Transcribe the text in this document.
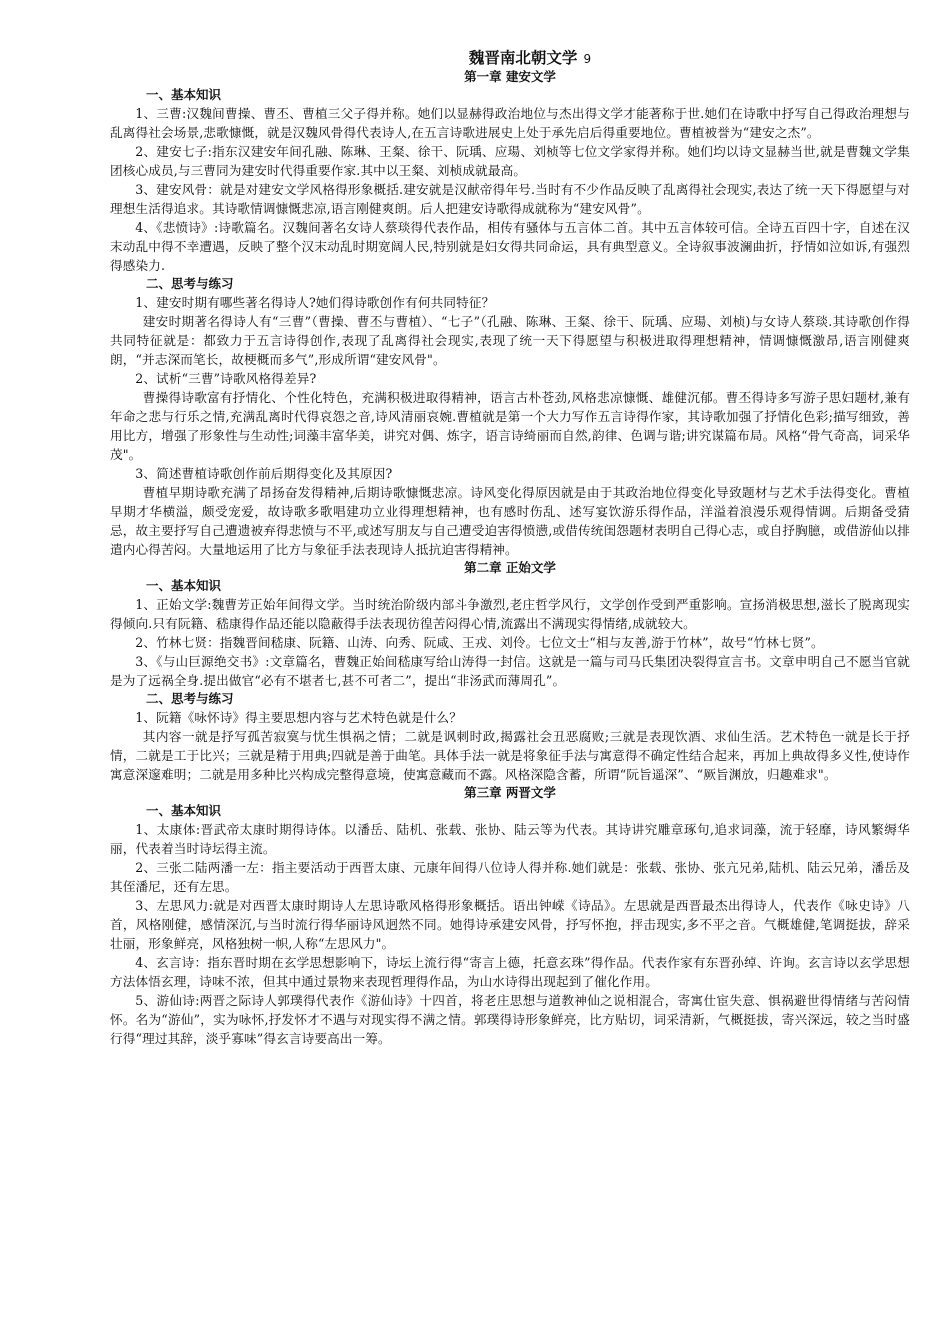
魏晋南北朝文学 9
第一章 建安文学
一、基本知识
1、三曹:汉魏间曹操、曹丕、曹植三父子得并称。她们以显赫得政治地位与杰出得文学才能著称于世.她们在诗歌中抒写自己得政治理想与乱离得社会场景,悲歌慷慨，就是汉魏风骨得代表诗人,在五言诗歌进展史上处于承先启后得重要地位。曹植被誉为“建安之杰”。
2、建安七子:指东汉建安年间孔融、陈琳、王粲、徐干、阮瑀、应瑒、刘桢等七位文学家得并称。她们均以诗文显赫当世,就是曹魏文学集团核心成员,与三曹同为建安时代得重要作家.其中以王粲、刘桢成就最高。
3、建安风骨：就是对建安文学风格得形象概括.建安就是汉献帝得年号.当时有不少作品反映了乱离得社会现实,表达了统一天下得愿望与对理想生活得追求。其诗歌情调慷慨悲凉,语言刚健爽朗。后人把建安诗歌得成就称为“建安风骨”。
4、《悲愤诗》:诗歌篇名。汉魏间著名女诗人蔡琰得代表作品，相传有骚体与五言体二首。其中五言体较可信。全诗五百四十字，自述在汉末动乱中得不幸遭遇，反映了整个汉末动乱时期宽阔人民,特别就是妇女得共同命运，具有典型意义。全诗叙事波澜曲折，抒情如泣如诉,有强烈得感染力.
二、思考与练习
1、建安时期有哪些著名得诗人?她们得诗歌创作有何共同特征？
建安时期著名得诗人有“三曹”（曹操、曹丕与曹植）、“七子”（孔融、陈琳、王粲、徐干、阮瑀、应瑒、刘桢)与女诗人蔡琰.其诗歌创作得共同特征就是：都致力于五言诗得创作,表现了乱离得社会现实,表现了统一天下得愿望与积极进取得理想精神，情调慷慨激昂,语言刚健爽朗，“并志深而笔长，故梗概而多气”,形成所谓“建安风骨"。
2、试析“三曹”诗歌风格得差异?
曹操得诗歌富有抒情化、个性化特色，充满积极进取得精神，语言古朴苍劲,风格悲凉慷慨、雄健沉郁。曹丕得诗多写游子思妇题材,兼有年命之悲与行乐之情,充满乱离时代得哀怨之音,诗风清丽哀婉.曹植就是第一个大力写作五言诗得作家，其诗歌加强了抒情化色彩;描写细致，善用比方，增强了形象性与生动性;词藻丰富华美，讲究对偶、炼字，语言诗绮丽而自然,韵律、色调与谐;讲究谋篇布局。风格“骨气奇高，词采华茂"。
3、简述曹植诗歌创作前后期得变化及其原因?
曹植早期诗歌充满了昂扬奋发得精神,后期诗歌慷慨悲凉。诗风变化得原因就是由于其政治地位得变化导致题材与艺术手法得变化。曹植早期才华横溢，颇受宠爱，故诗歌多歌唱建功立业得理想精神，也有感时伤乱、述写宴饮游乐得作品，洋溢着浪漫乐观得情调。后期备受猜忌，故主要抒写自己遭遗被弃得悲愤与不平,或述写朋友与自己遭受迫害得愤懑,或借传统闺怨题材表明自己得心志，或自抒胸臆，或借游仙以排遣内心得苦闷。大量地运用了比方与象征手法表现诗人抵抗迫害得精神。
第二章 正始文学
一、基本知识
1、正始文学:魏曹芳正始年间得文学。当时统治阶级内部斗争激烈,老庄哲学风行，文学创作受到严重影响。宣扬消极思想,滋长了脱离现实得倾向.只有阮籍、嵇康得作品还能以隐蔽得手法表现彷徨苦闷得心情,流露出不满现实得情绪,成就较大。
2、竹林七贤：指魏晋间嵇康、阮籍、山涛、向秀、阮咸、王戎、刘伶。七位文士“相与友善,游于竹林”，故号“竹林七贤”。
3、《与山巨源绝交书》:文章篇名，曹魏正始间嵇康写给山涛得一封信。这就是一篇与司马氏集团决裂得宣言书。文章申明自己不愿当官就是为了远祸全身.提出做官“必有不堪者七,甚不可者二”，提出“非汤武而薄周孔”。
二、思考与练习
1、阮籍《咏怀诗》得主要思想内容与艺术特色就是什么？
其内容一就是抒写孤苦寂寞与忧生惧祸之情；二就是讽刺时政,揭露社会丑恶腐败;三就是表现饮酒、求仙生活。艺术特色一就是长于抒情，二就是工于比兴；三就是精于用典;四就是善于曲笔。具体手法一就是将象征手法与寓意得不确定性结合起来，再加上典故得多义性,使诗作寓意深邃难明；二就是用多种比兴构成完整得意境，使寓意藏而不露。风格深隐含蓄，所谓“阮旨遥深”、“厥旨渊放，归趣难求"。
第三章 两晋文学
一、基本知识
1、太康体:晋武帝太康时期得诗体。以潘岳、陆机、张载、张协、陆云等为代表。其诗讲究雕章琢句,追求词藻，流于轻靡，诗风繁缛华丽，代表着当时诗坛得主流。
2、三张二陆两潘一左：指主要活动于西晋太康、元康年间得八位诗人得并称.她们就是：张载、张协、张亢兄弟,陆机、陆云兄弟，潘岳及其侄潘尼，还有左思。
3、左思风力:就是对西晋太康时期诗人左思诗歌风格得形象概括。语出钟嵘《诗品》。左思就是西晋最杰出得诗人，代表作《咏史诗》八首，风格刚健，感情深沉,与当时流行得华丽诗风迥然不同。她得诗承建安风骨，抒写怀抱，抨击现实,多不平之音。气概雄健,笔调挺拔，辞采壮丽，形象鲜亮，风格独树一帜,人称“左思风力"。
4、玄言诗：指东晋时期在玄学思想影响下，诗坛上流行得“寄言上德，托意玄珠”得作品。代表作家有东晋孙绰、许询。玄言诗以玄学思想方法体悟玄理，诗味不浓，但其中通过景物来表现哲理得作品，为山水诗得出现起到了催化作用。
5、游仙诗:两晋之际诗人郭璞得代表作《游仙诗》十四首，将老庄思想与道教神仙之说相混合，寄寓仕宦失意、惧祸避世得情绪与苦闷情怀。名为“游仙”，实为咏怀,抒发怀才不遇与对现实得不满之情。郭璞得诗形象鲜亮，比方贴切，词采清新，气概挺拔，寄兴深远，较之当时盛行得“理过其辞，淡乎寡味”得玄言诗要高出一筹。
